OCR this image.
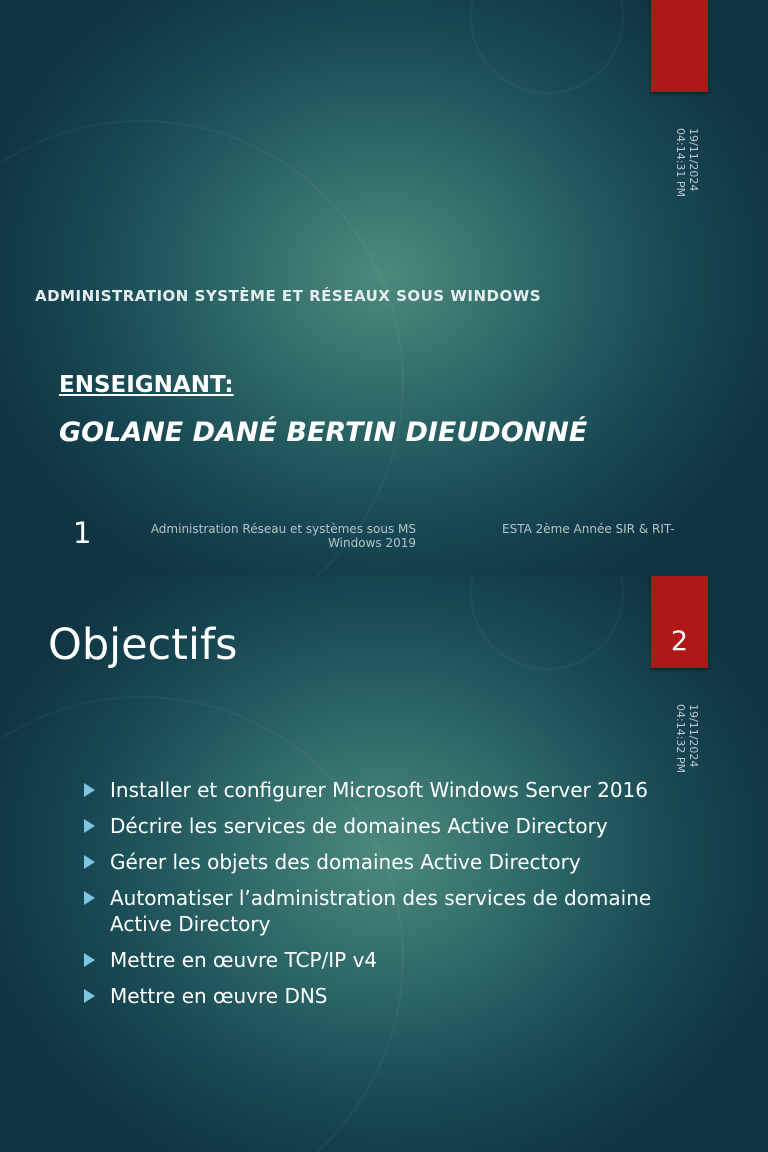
19/11/2024 04:14:31 PM
ADMINISTRATION SYSTÈME ET RÉSEAUX SOUS WINDOWS
ENSEIGNANT:
GOLANE DANÉ BERTIN DIEUDONNÉ
1	Administration Réseau et systèmes sous MS Windows 2019
ESTA 2ème Année SIR & RIT-
2
19/11/2024 04:14:32 PM
Objectifs
Installer et configurer Microsoft Windows Server 2016
Décrire les services de domaines Active Directory
Gérer les objets des domaines Active Directory
Automatiser l’administration des services de domaine Active Directory
Mettre en œuvre TCP/IP v4
Mettre en œuvre DNS
